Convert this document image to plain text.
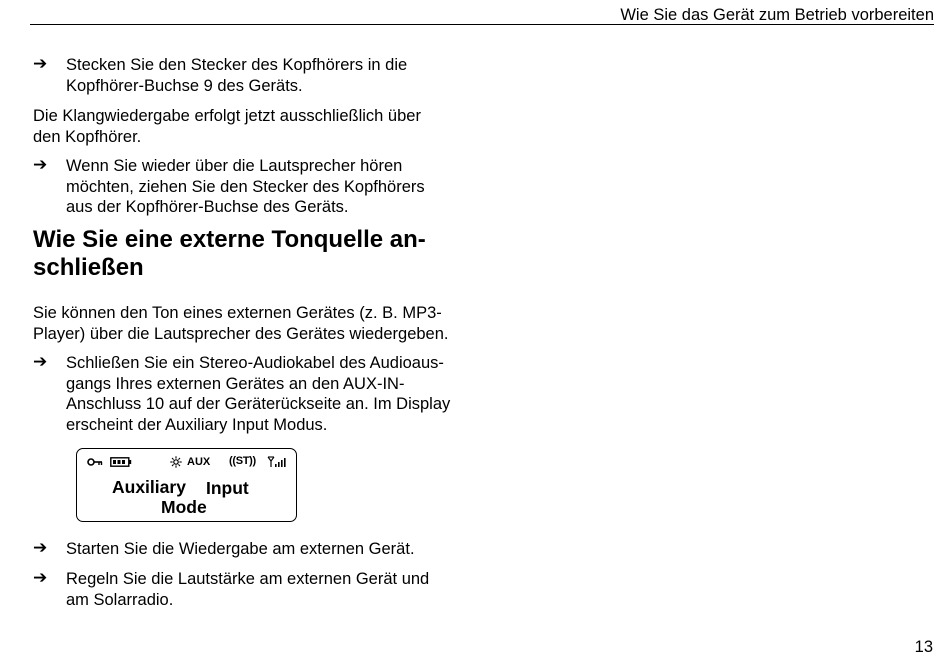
Wie Sie das Gerät zum Betrieb vorbereiten
➔ Stecken Sie den Stecker des Kopfhörers in die
Kopfhörer-Buchse 9 des Geräts.
Die Klangwiedergabe erfolgt jetzt ausschließlich über
den Kopfhörer.
➔ Wenn Sie wieder über die Lautsprecher hören
möchten, ziehen Sie den Stecker des Kopfhörers
aus der Kopfhörer-Buchse des Geräts.
Wie Sie eine externe Tonquelle an-
schließen
Sie können den Ton eines externen Gerätes (z. B. MP3-
Player) über die Lautsprecher des Gerätes wiedergeben.
➔ Schließen Sie ein Stereo-Audiokabel des Audioaus-
gangs Ihres externen Gerätes an den AUX-IN-
Anschluss 10 auf der Geräterückseite an. Im Display
erscheint der Auxiliary Input Modus.
➔ Starten Sie die Wiedergabe am externen Gerät.
➔ Regeln Sie die Lautstärke am externen Gerät und
am Solarradio.
AUX ((ST))
Auxiliary Input
Mode
13
